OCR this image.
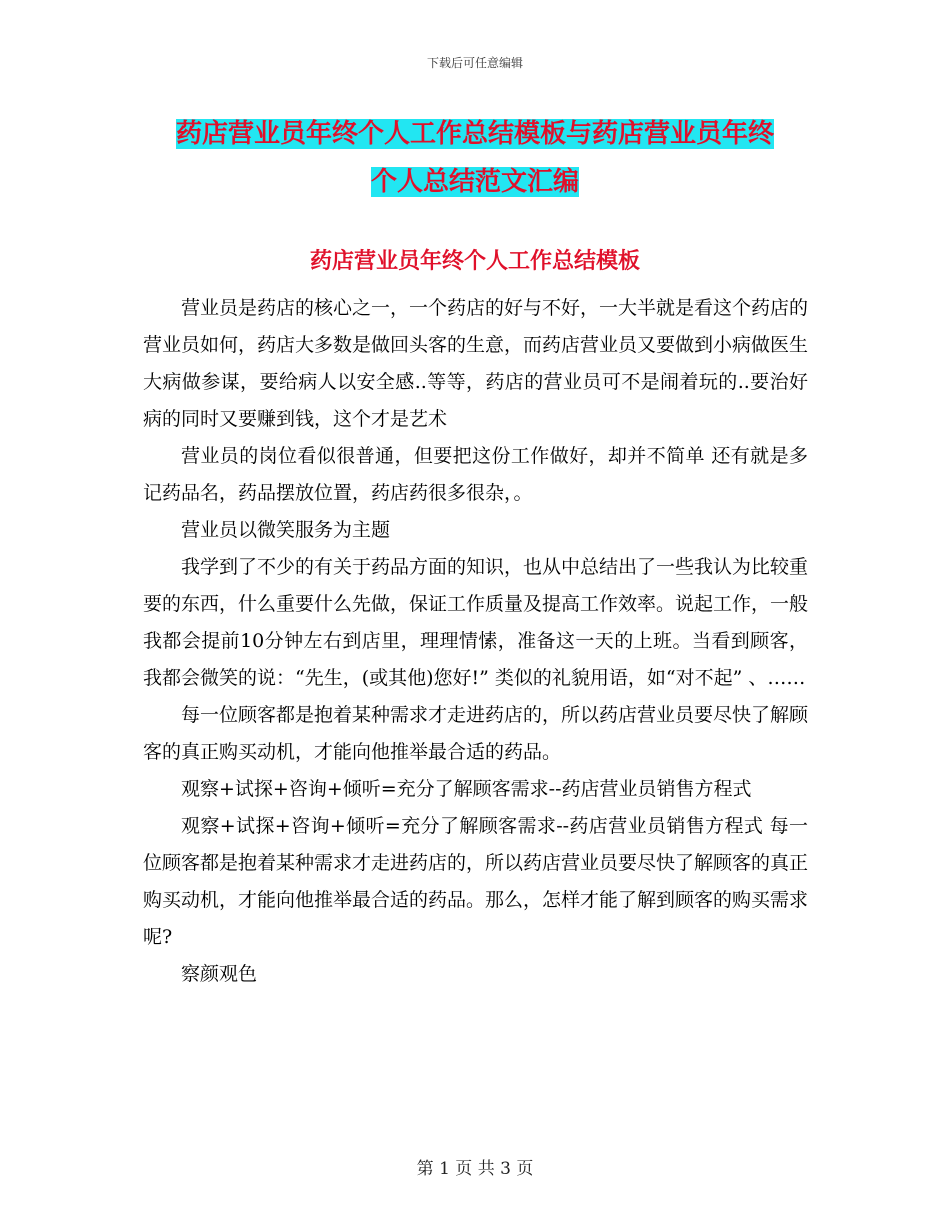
下载后可任意编辑
药店营业员年终个人工作总结模板与药店营业员年终
个人总结范文汇编
药店营业员年终个人工作总结模板

营业员是药店的核心之一，一个药店的好与不好，一大半就是看这个药店的营业员如何，药店大多数是做回头客的生意，而药店营业员又要做到小病做医生大病做参谋，要给病人以安全感..等等，药店的营业员可不是闹着玩的..要治好病的同时又要赚到钱，这个才是艺术

营业员的岗位看似很普通，但要把这份工作做好，却并不简单 还有就是多记药品名，药品摆放位置，药店药很多很杂，。

营业员以微笑服务为主题

我学到了不少的有关于药品方面的知识，也从中总结出了一些我认为比较重要的东西，什么重要什么先做，保证工作质量及提高工作效率。说起工作，一般我都会提前10分钟左右到店里，理理情愫，准备这一天的上班。当看到顾客，我都会微笑的说：“先生，(或其他)您好!” 类似的礼貌用语，如“对不起” 、……

每一位顾客都是抱着某种需求才走进药店的，所以药店营业员要尽快了解顾客的真正购买动机，才能向他推举最合适的药品。

观察+试探+咨询+倾听=充分了解顾客需求--药店营业员销售方程式

观察+试探+咨询+倾听=充分了解顾客需求--药店营业员销售方程式 每一位顾客都是抱着某种需求才走进药店的，所以药店营业员要尽快了解顾客的真正购买动机，才能向他推举最合适的药品。那么，怎样才能了解到顾客的购买需求呢?

察颜观色

第 1 页 共 3 页
